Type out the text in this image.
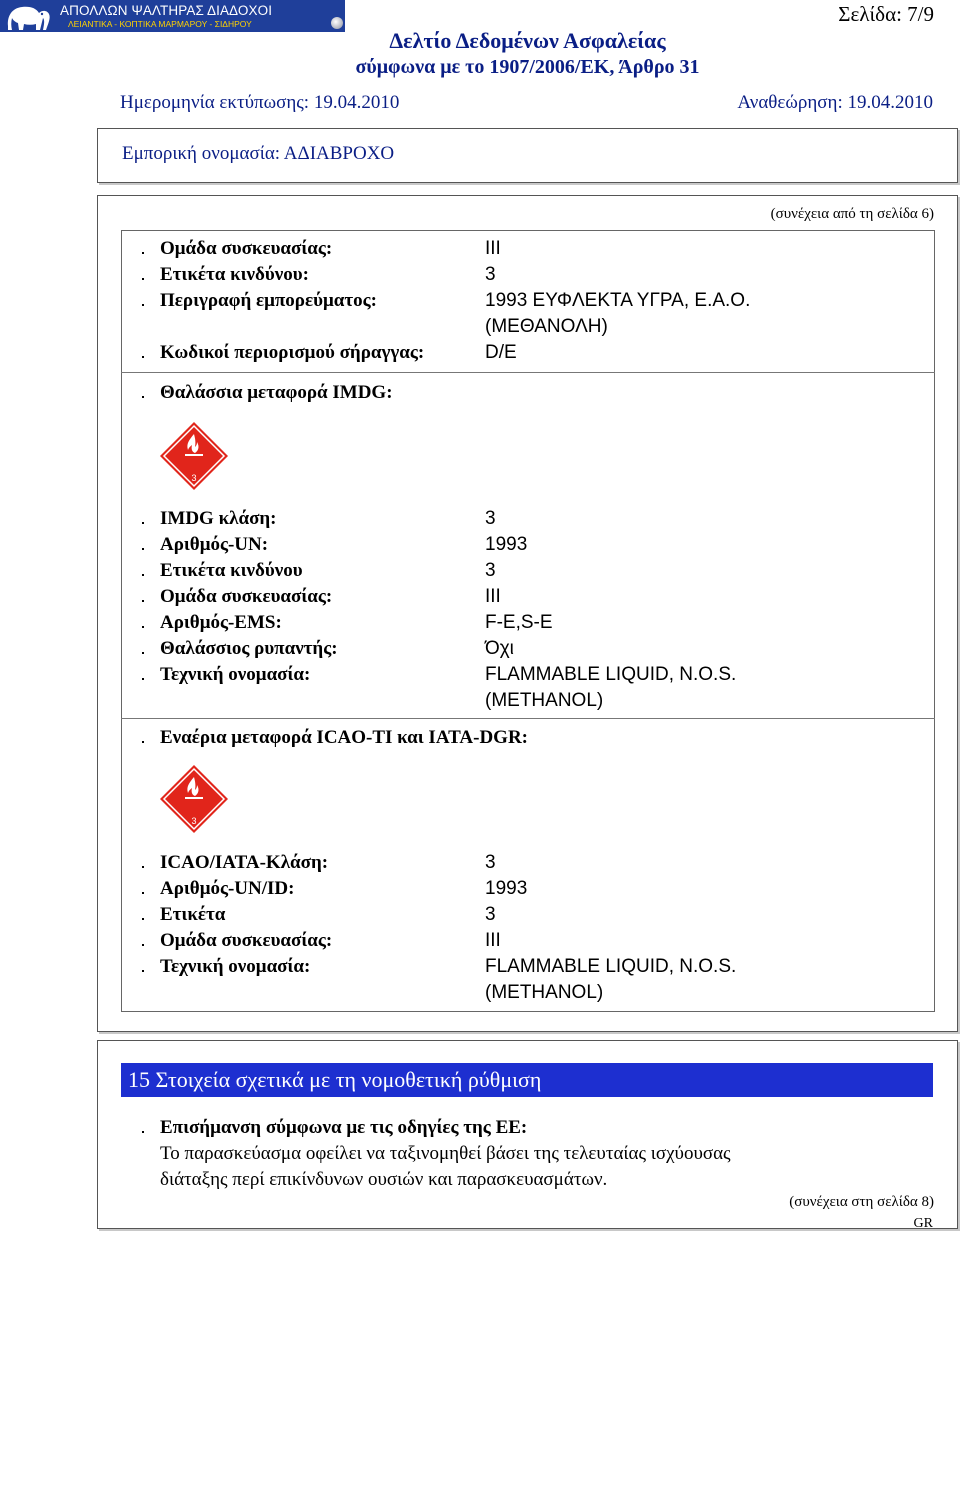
ΑΠΟΛΛΩΝ ΨΑΛΤΗΡΑΣ ΔΙΑΔΟΧΟΙ
ΛΕΙΑΝΤΙΚΑ - ΚΟΠΤΙΚΑ ΜΑΡΜΑΡΟΥ - ΣΙΔΗΡΟΥ	Σελίδα: 7/9
Δελτίο Δεδομένων Ασφαλείας
σύμφωνα με το 1907/2006/ΕΚ, Άρθρο 31
Ημερομηνία εκτύπωσης: 19.04.2010	Αναθεώρηση: 19.04.2010
Εμπορική ονομασία: ΑΔΙΑΒΡΟΧΟ
(συνέχεια από τη σελίδα 6)
Ομάδα συσκευασίας:	III
Ετικέτα κινδύνου:	3
Περιγραφή εμπορεύματος:	1993 ΕΥΦΛΕΚΤΑ ΥΓΡΑ, Ε.Α.Ο.
(ΜΕΘΑΝΟΛΗ)
Κωδικοί περιορισμού σήραγγας:	D/E
Θαλάσσια μεταφορά IMDG:
3
IMDG κλάση:	3
Αριθμός-UN:	1993
Ετικέτα κινδύνου	3
Ομάδα συσκευασίας:	III
Αριθμός-EMS:	F-E,S-E
Θαλάσσιος ρυπαντής:	Όχι
Τεχνική ονομασία:	FLAMMABLE LIQUID, N.O.S.
(METHANOL)
Εναέρια μεταφορά ICAO-TI και IATA-DGR:
3
ICAO/IATA-Κλάση:	3
Αριθμός-UN/ID:	1993
Ετικέτα	3
Ομάδα συσκευασίας:	III
Τεχνική ονομασία:	FLAMMABLE LIQUID, N.O.S.
(METHANOL)
15 Στοιχεία σχετικά με τη νομοθετική ρύθμιση
Επισήμανση σύμφωνα με τις οδηγίες της ΕΕ:
Το παρασκεύασμα οφείλει να ταξινομηθεί βάσει της τελευταίας ισχύουσας
διάταξης περί επικίνδυνων ουσιών και παρασκευασμάτων.
(συνέχεια στη σελίδα 8)
GR
